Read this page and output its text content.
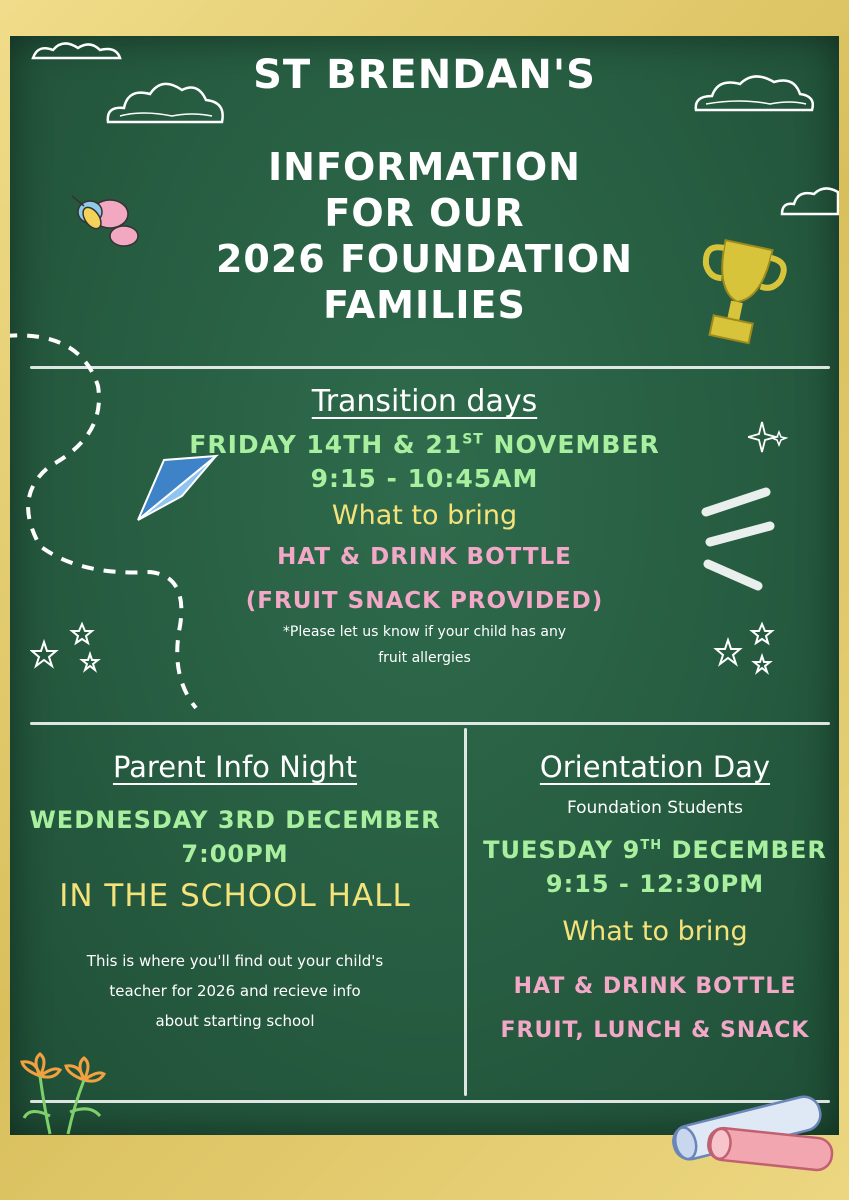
ST BRENDAN'S
INFORMATION
FOR OUR
2026 FOUNDATION
FAMILIES
Transition days
FRIDAY 14TH & 21ST NOVEMBER
9:15 - 10:45AM
What to bring
HAT & DRINK BOTTLE
(FRUIT SNACK PROVIDED)
*Please let us know if your child has any
fruit allergies
Parent Info Night
WEDNESDAY 3RD DECEMBER
7:00PM
IN THE SCHOOL HALL
This is where you'll find out your child's
teacher for 2026 and recieve info
about starting school
Orientation Day
Foundation Students
TUESDAY 9TH DECEMBER
9:15 - 12:30PM
What to bring
HAT & DRINK BOTTLE
FRUIT, LUNCH & SNACK
